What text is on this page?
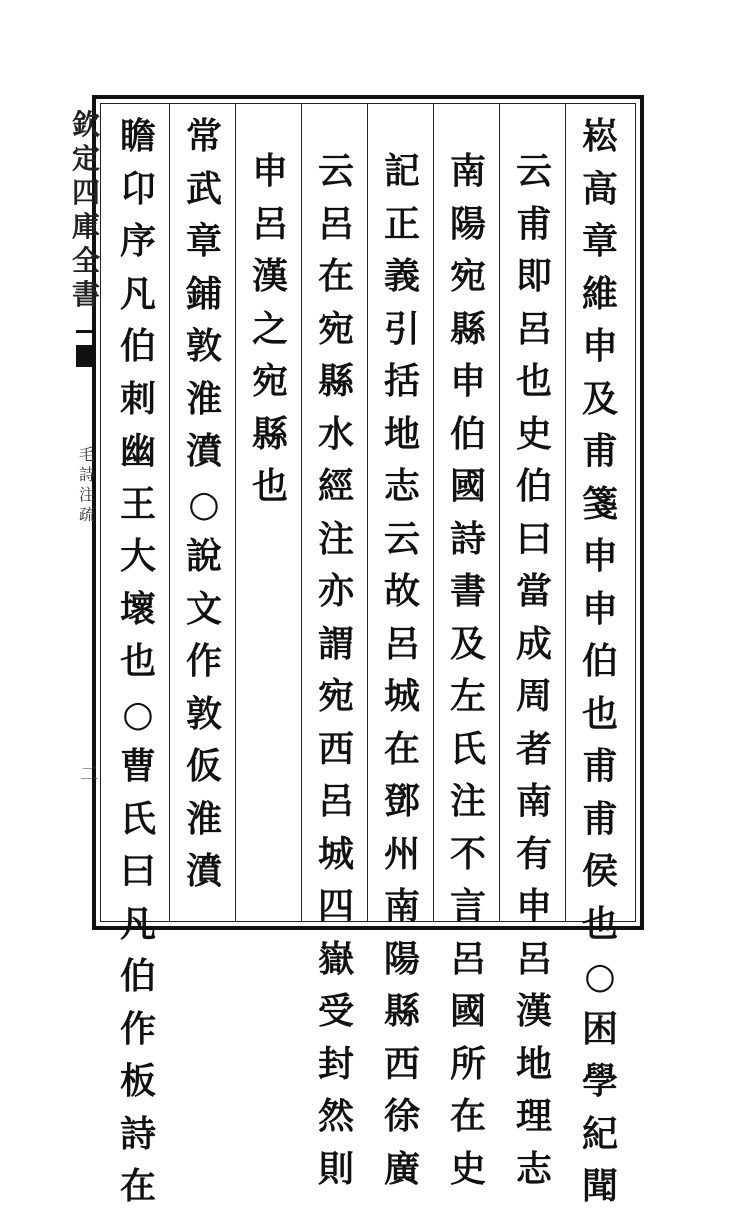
欽
定
四
庫
全
書
毛
詩
注
疏
二
崧
高
章
維
申
及
甫
箋
申
申
伯
也
甫
甫
侯
也
○
困
學
紀
聞
云
甫
即
呂
也
史
伯
曰
當
成
周
者
南
有
申
呂
漢
地
理
志
南
陽
宛
縣
申
伯
國
詩
書
及
左
氏
注
不
言
呂
國
所
在
史
記
正
義
引
括
地
志
云
故
呂
城
在
鄧
州
南
陽
縣
西
徐
廣
云
呂
在
宛
縣
水
經
注
亦
謂
宛
西
呂
城
四
嶽
受
封
然
則
申
呂
漢
之
宛
縣
也
常
武
章
鋪
敦
淮
濆
○
說
文
作
敦
仮
淮
濆
瞻
卬
序
凡
伯
刺
幽
王
大
壞
也
○
曹
氏
曰
凡
伯
作
板
詩
在
